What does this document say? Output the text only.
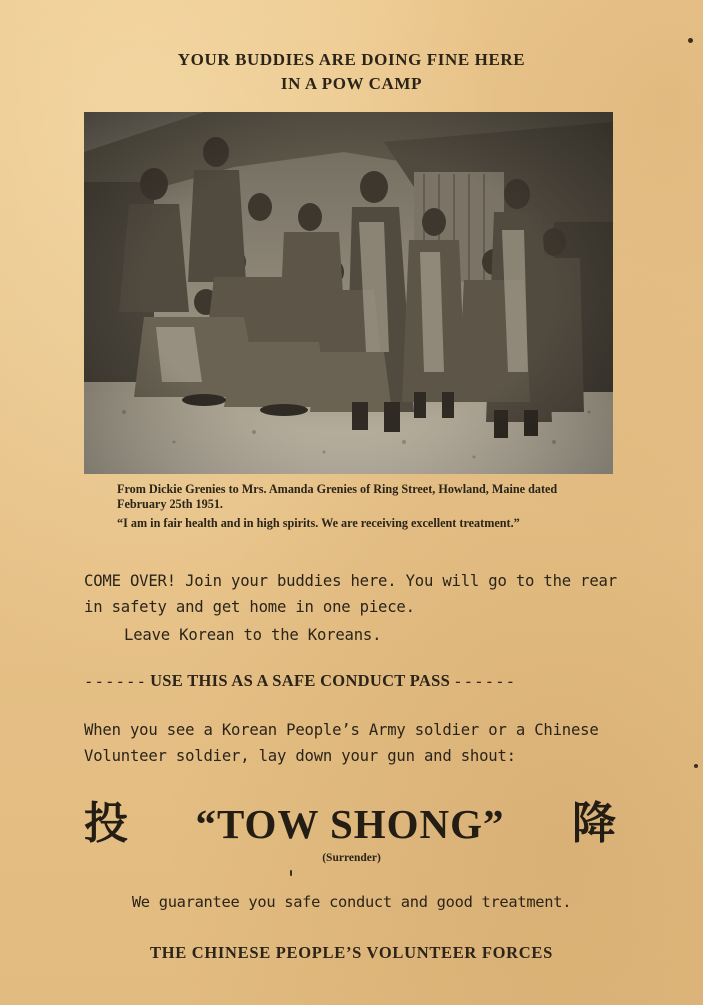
YOUR BUDDIES ARE DOING FINE HERE
IN A POW CAMP

From Dickie Grenies to Mrs. Amanda Grenies of Ring Street, Howland, Maine dated February 25th 1951.

“I am in fair health and in high spirits. We are receiving excellent treatment.”

COME OVER! Join your buddies here. You will go to the rear in safety and get home in one piece.

Leave Korean to the Koreans.

------ USE THIS AS A SAFE CONDUCT PASS ------

When you see a Korean People’s Army soldier or a Chinese Volunteer soldier, lay down your gun and shout:

投 “TOW SHONG” 降
(Surrender)
We guarantee you safe conduct and good treatment.
THE CHINESE PEOPLE’S VOLUNTEER FORCES
